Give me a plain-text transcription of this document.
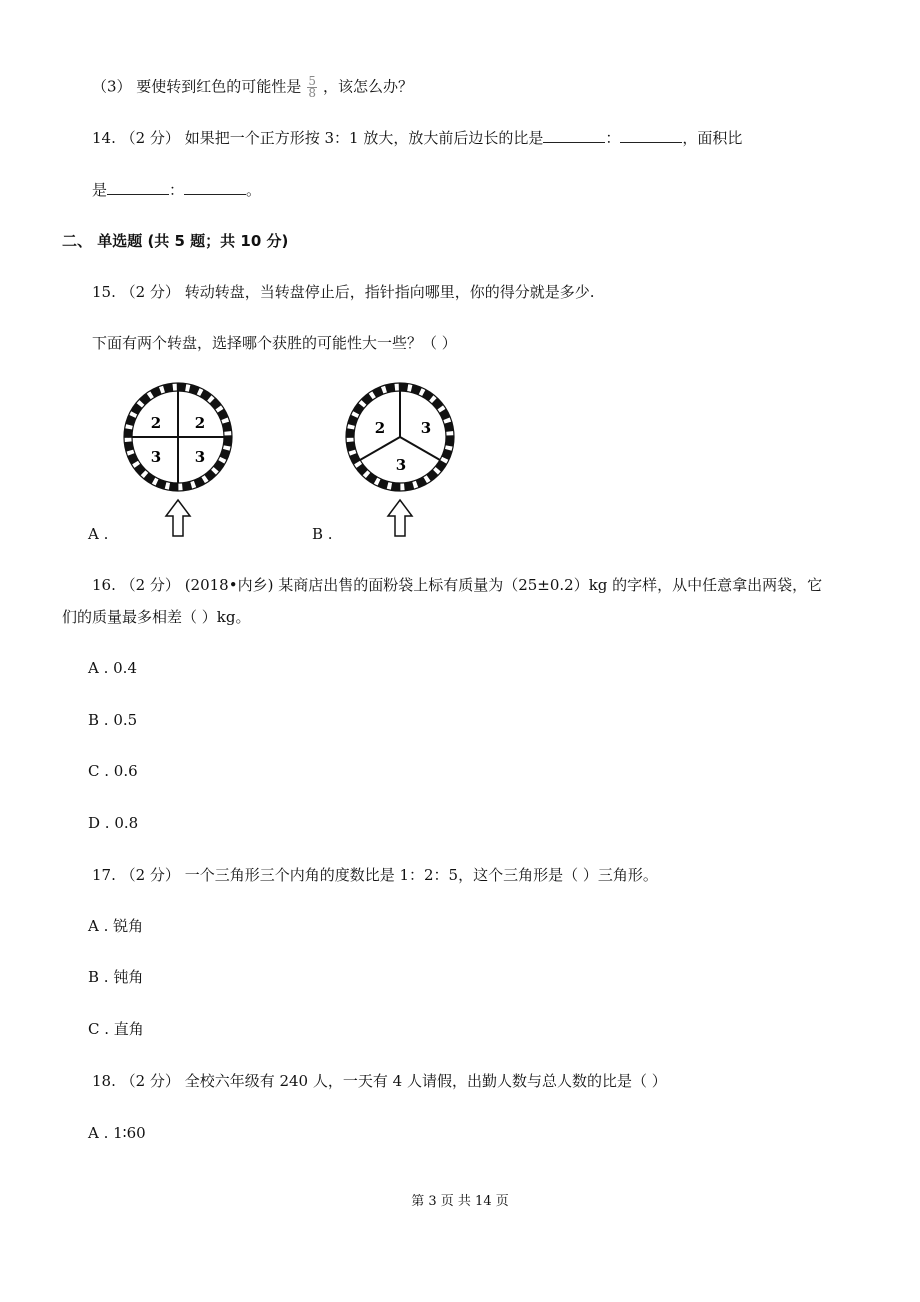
（3） 要使转到红色的可能性是 $\frac{5}{8}$ ，该怎么办？
14. （2 分） 如果把一个正方形按 3：1 放大，放大前后边长的比是	：	，面积比
是	：	。
二、 单选题 (共 5 题；共 10 分)
15. （2 分） 转动转盘，当转盘停止后，指针指向哪里，你的得分就是多少.
下面有两个转盘，选择哪个获胜的可能性大一些？（ ）
2 2
3 3
2 3
3
A .	B .
16. （2 分） (2018•内乡) 某商店出售的面粉袋上标有质量为（25±0.2）kg 的字样，从中任意拿出两袋，它
们的质量最多相差（ ）kg。
A . 0.4
B . 0.5
C . 0.6
D . 0.8
17. （2 分） 一个三角形三个内角的度数比是 1：2：5，这个三角形是（ ）三角形。
A . 锐角
B . 钝角
C . 直角
18. （2 分） 全校六年级有 240 人，一天有 4 人请假，出勤人数与总人数的比是（ ）
A . 1∶60
第 3 页 共 14 页
